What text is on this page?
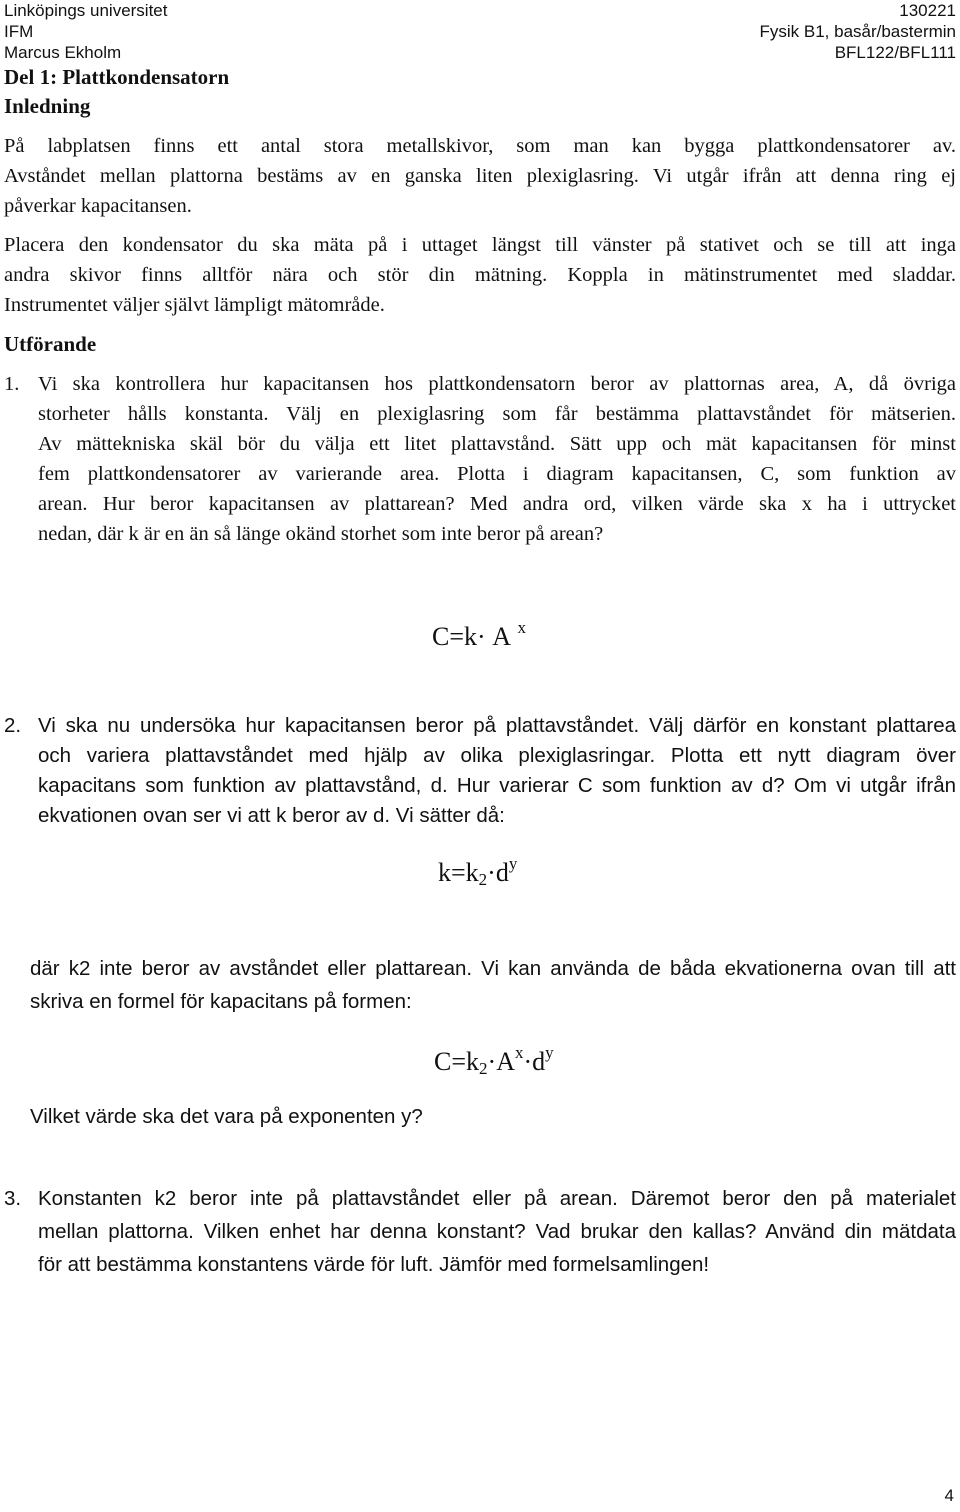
Linköpings universitet
IFM
Marcus Ekholm
130221
Fysik B1, basår/bastermin
BFL122/BFL111
Del 1: Plattkondensatorn
Inledning
På labplatsen finns ett antal stora metallskivor, som man kan bygga plattkondensatorer av.
Avståndet mellan plattorna bestäms av en ganska liten plexiglasring. Vi utgår ifrån att denna ring ej
påverkar kapacitansen.
Placera den kondensator du ska mäta på i uttaget längst till vänster på stativet och se till att inga
andra skivor finns alltför nära och stör din mätning. Koppla in mätinstrumentet med sladdar.
Instrumentet väljer självt lämpligt mätområde.
Utförande
1. Vi ska kontrollera hur kapacitansen hos plattkondensatorn beror av plattornas area, A, då övriga
storheter hålls konstanta. Välj en plexiglasring som får bestämma plattavståndet för mätserien.
Av mättekniska skäl bör du välja ett litet plattavstånd. Sätt upp och mät kapacitansen för minst
fem plattkondensatorer av varierande area. Plotta i diagram kapacitansen, C, som funktion av
arean. Hur beror kapacitansen av plattarean? Med andra ord, vilken värde ska x ha i uttrycket
nedan, där k är en än så länge okänd storhet som inte beror på arean?
C=k· A $^x$
2. Vi ska nu undersöka hur kapacitansen beror på plattavståndet. Välj därför en konstant plattarea
och variera plattavståndet med hjälp av olika plexiglasringar. Plotta ett nytt diagram över
kapacitans som funktion av plattavstånd, d. Hur varierar C som funktion av d? Om vi utgår ifrån
ekvationen ovan ser vi att k beror av d. Vi sätter då:
$k=k_2\cdot d^y$
där k2 inte beror av avståndet eller plattarean. Vi kan använda de båda ekvationerna ovan till att
skriva en formel för kapacitans på formen:
$C=k_2\cdot A^x\cdot d^y$
Vilket värde ska det vara på exponenten y?
3. Konstanten k2 beror inte på plattavståndet eller på arean. Däremot beror den på materialet
mellan plattorna. Vilken enhet har denna konstant? Vad brukar den kallas? Använd din mätdata
för att bestämma konstantens värde för luft. Jämför med formelsamlingen!
4
